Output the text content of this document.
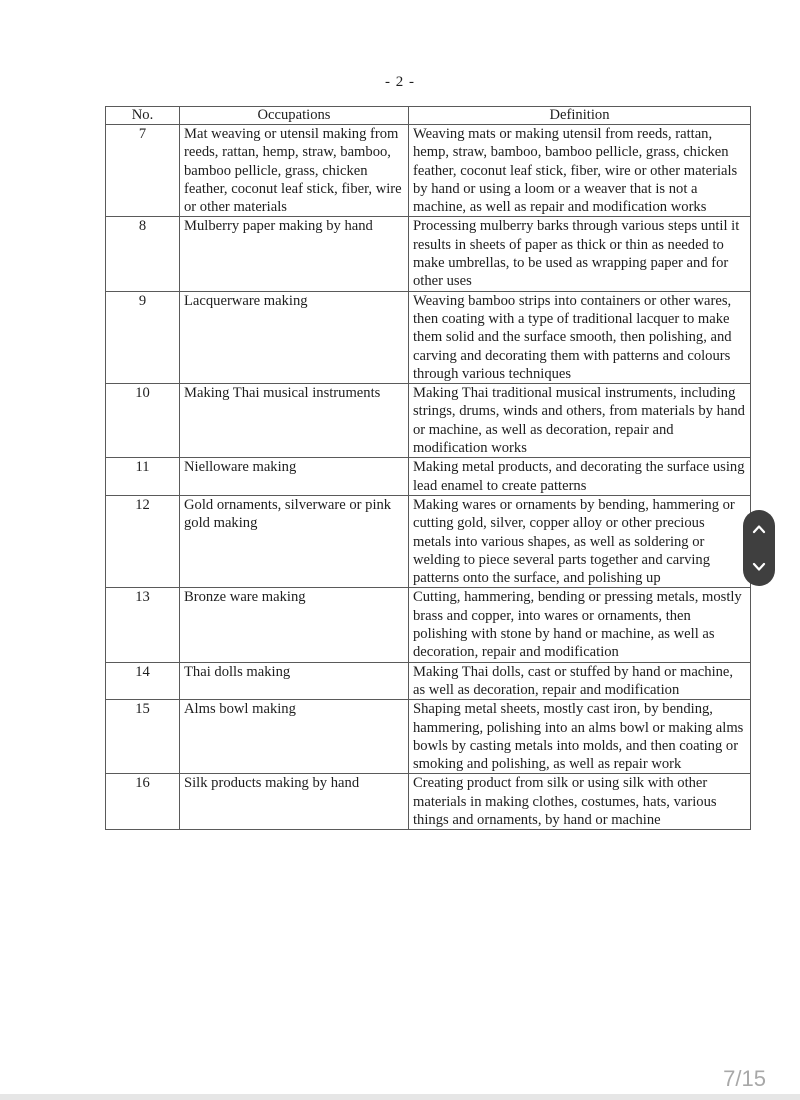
- 2 -
No.	Occupations	Definition
7	Mat weaving or utensil making from reeds, rattan, hemp, straw, bamboo, bamboo pellicle, grass, chicken feather, coconut leaf stick, fiber, wire or other materials	Weaving mats or making utensil from reeds, rattan, hemp, straw, bamboo, bamboo pellicle, grass, chicken feather, coconut leaf stick, fiber, wire or other materials by hand or using a loom or a weaver that is not a machine, as well as repair and modification works
8	Mulberry paper making by hand	Processing mulberry barks through various steps until it results in sheets of paper as thick or thin as needed to make umbrellas, to be used as wrapping paper and for other uses
9	Lacquerware making	Weaving bamboo strips into containers or other wares, then coating with a type of traditional lacquer to make them solid and the surface smooth, then polishing, and carving and decorating them with patterns and colours through various techniques
10	Making Thai musical instruments	Making Thai traditional musical instruments, including strings, drums, winds and others, from materials by hand or machine, as well as decoration, repair and modification works
11	Nielloware making	Making metal products, and decorating the surface using lead enamel to create patterns
12	Gold ornaments, silverware or pink gold making	Making wares or ornaments by bending, hammering or cutting gold, silver, copper alloy or other precious metals into various shapes, as well as soldering or welding to piece several parts together and carving patterns onto the surface, and polishing up
13	Bronze ware making	Cutting, hammering, bending or pressing metals, mostly brass and copper, into wares or ornaments, then polishing with stone by hand or machine, as well as decoration, repair and modification
14	Thai dolls making	Making Thai dolls, cast or stuffed by hand or machine, as well as decoration, repair and modification
15	Alms bowl making	Shaping metal sheets, mostly cast iron, by bending, hammering, polishing into an alms bowl or making alms bowls by casting metals into molds, and then coating or smoking and polishing, as well as repair work
16	Silk products making by hand	Creating product from silk or using silk with other materials in making clothes, costumes, hats, various things and ornaments, by hand or machine
7/15
